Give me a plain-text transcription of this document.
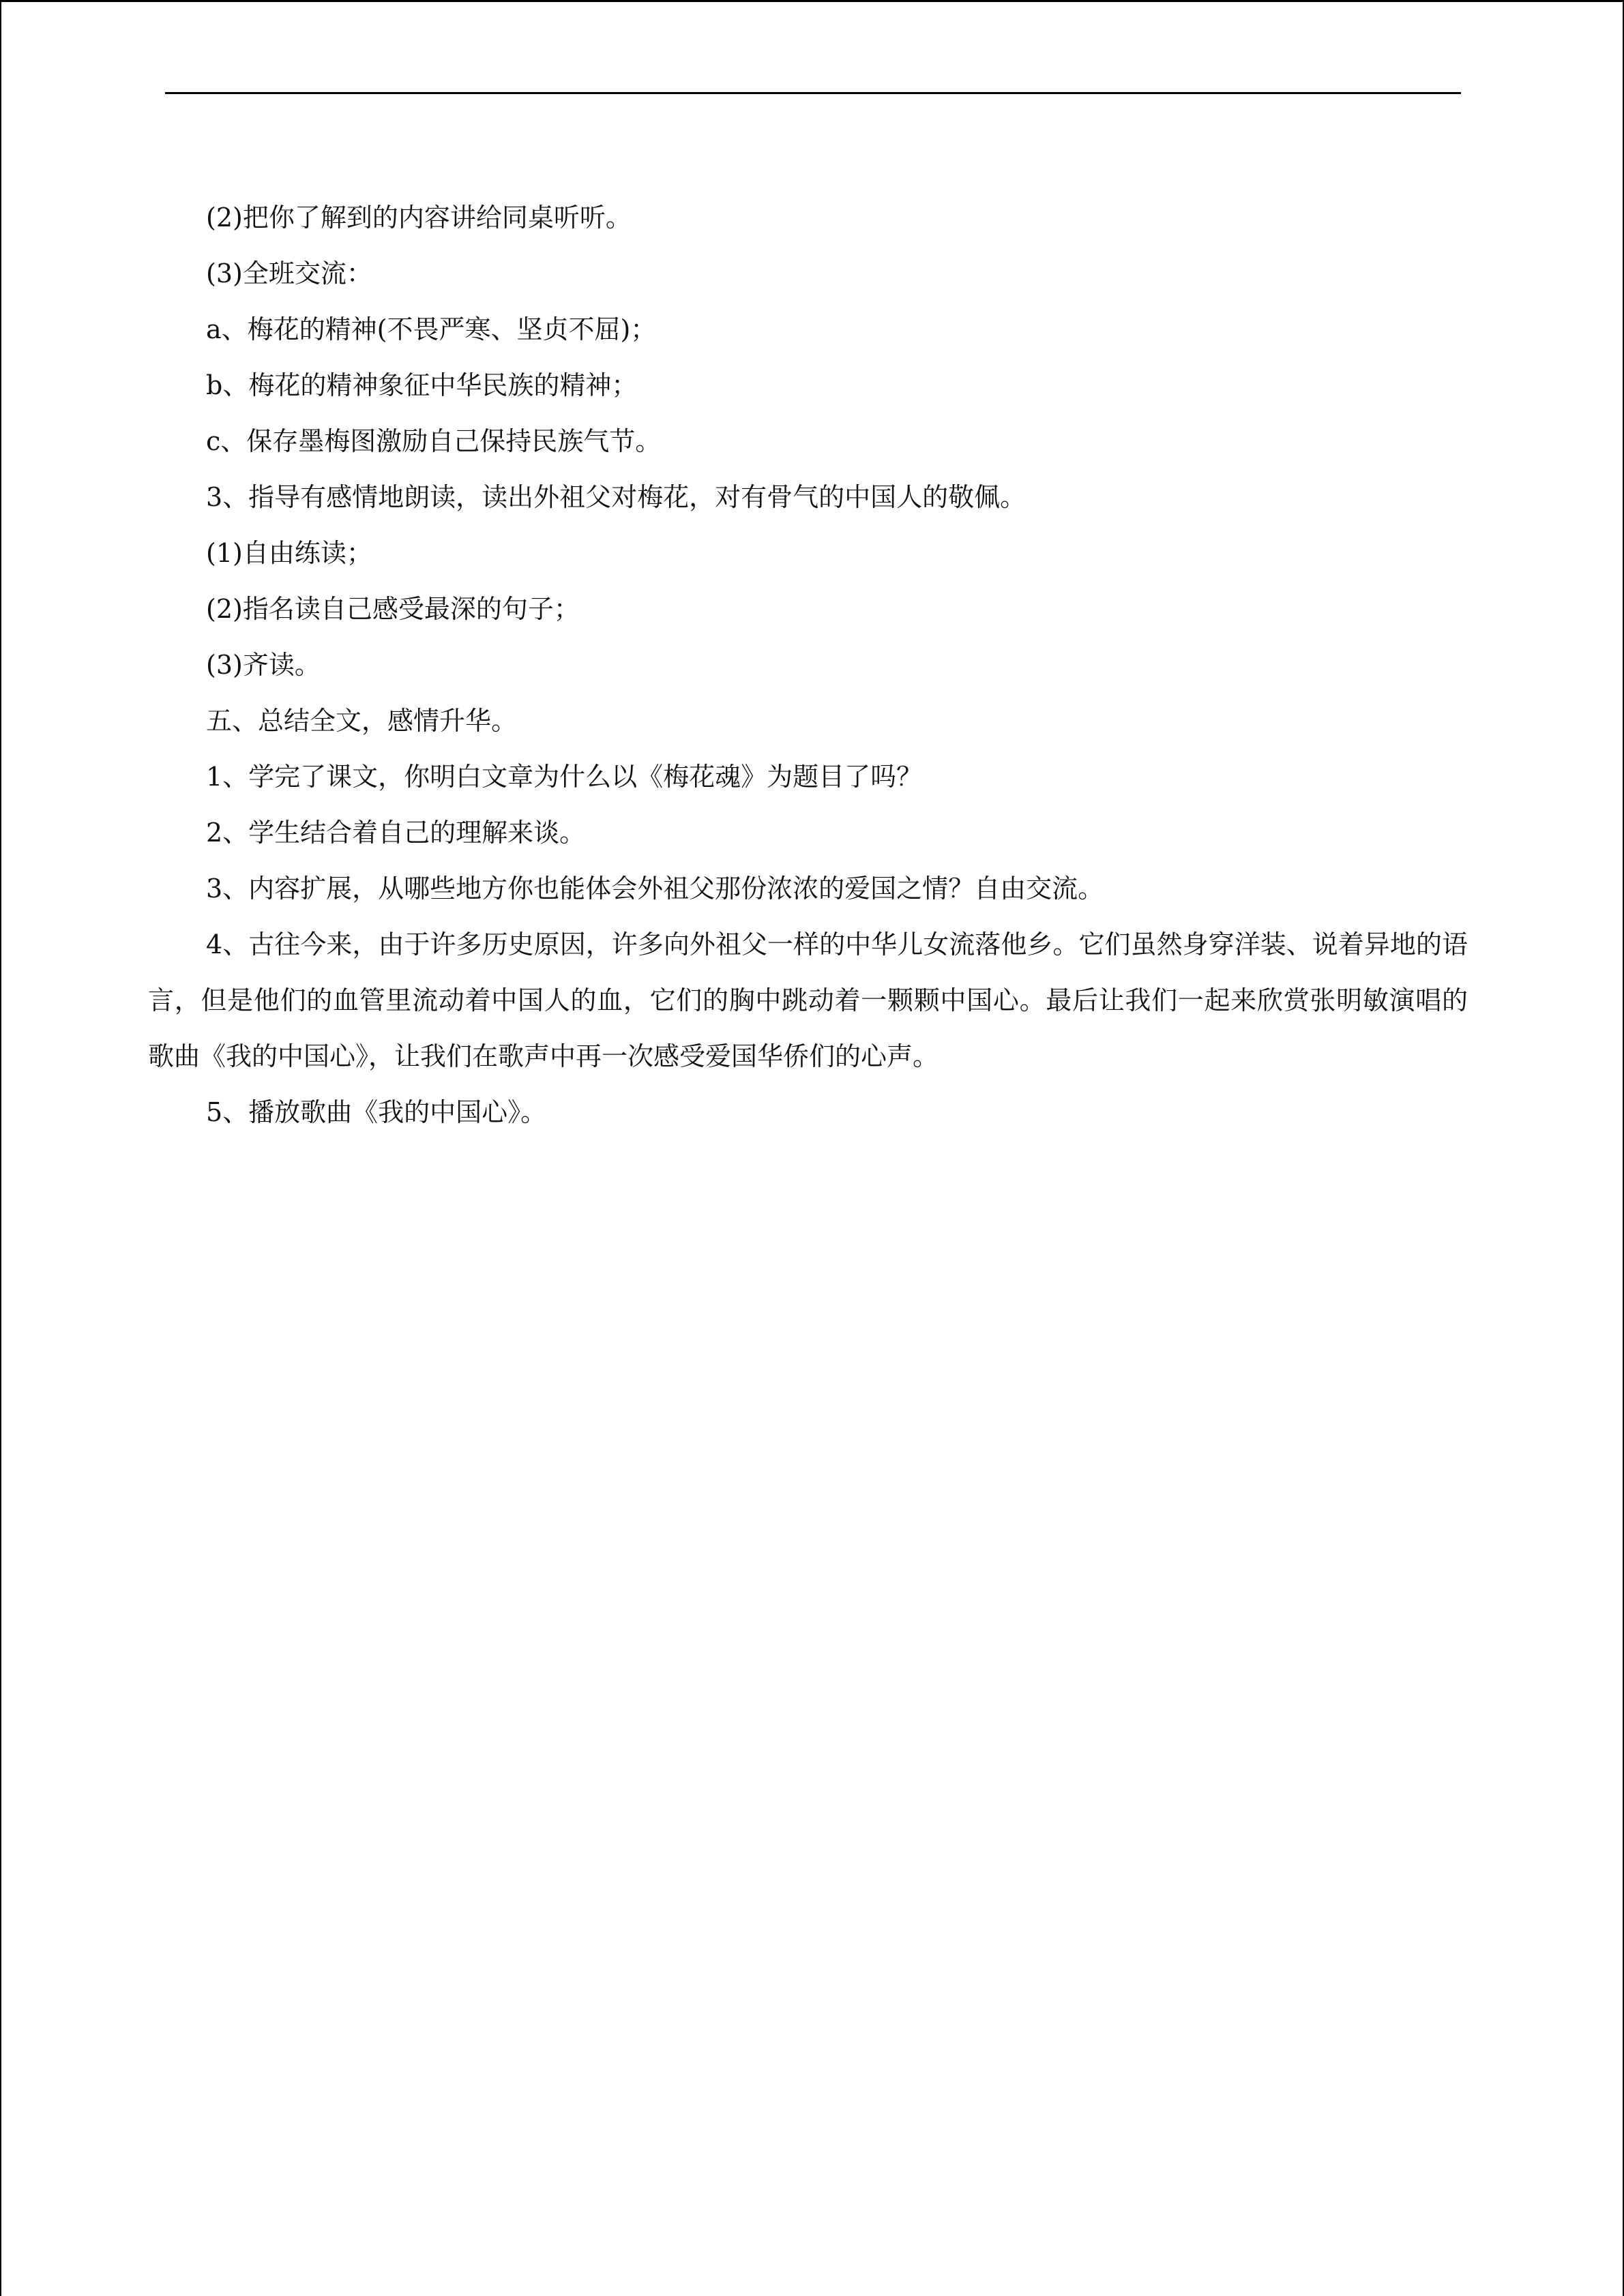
(2)把你了解到的内容讲给同桌听听。

(3)全班交流：

a、梅花的精神(不畏严寒、坚贞不屈)；

b、梅花的精神象征中华民族的精神；

c、保存墨梅图激励自己保持民族气节。

3、指导有感情地朗读，读出外祖父对梅花，对有骨气的中国人的敬佩。

(1)自由练读；

(2)指名读自己感受最深的句子；

(3)齐读。

五、总结全文，感情升华。

1、学完了课文，你明白文章为什么以《梅花魂》为题目了吗？

2、学生结合着自己的理解来谈。

3、内容扩展，从哪些地方你也能体会外祖父那份浓浓的爱国之情？自由交流。

4、古往今来，由于许多历史原因，许多向外祖父一样的中华儿女流落他乡。它们虽然身穿洋装、说着异地的语言，但是他们的血管里流动着中国人的血，它们的胸中跳动着一颗颗中国心。最后让我们一起来欣赏张明敏演唱的歌曲《我的中国心》，让我们在歌声中再一次感受爱国华侨们的心声。

5、播放歌曲《我的中国心》。
